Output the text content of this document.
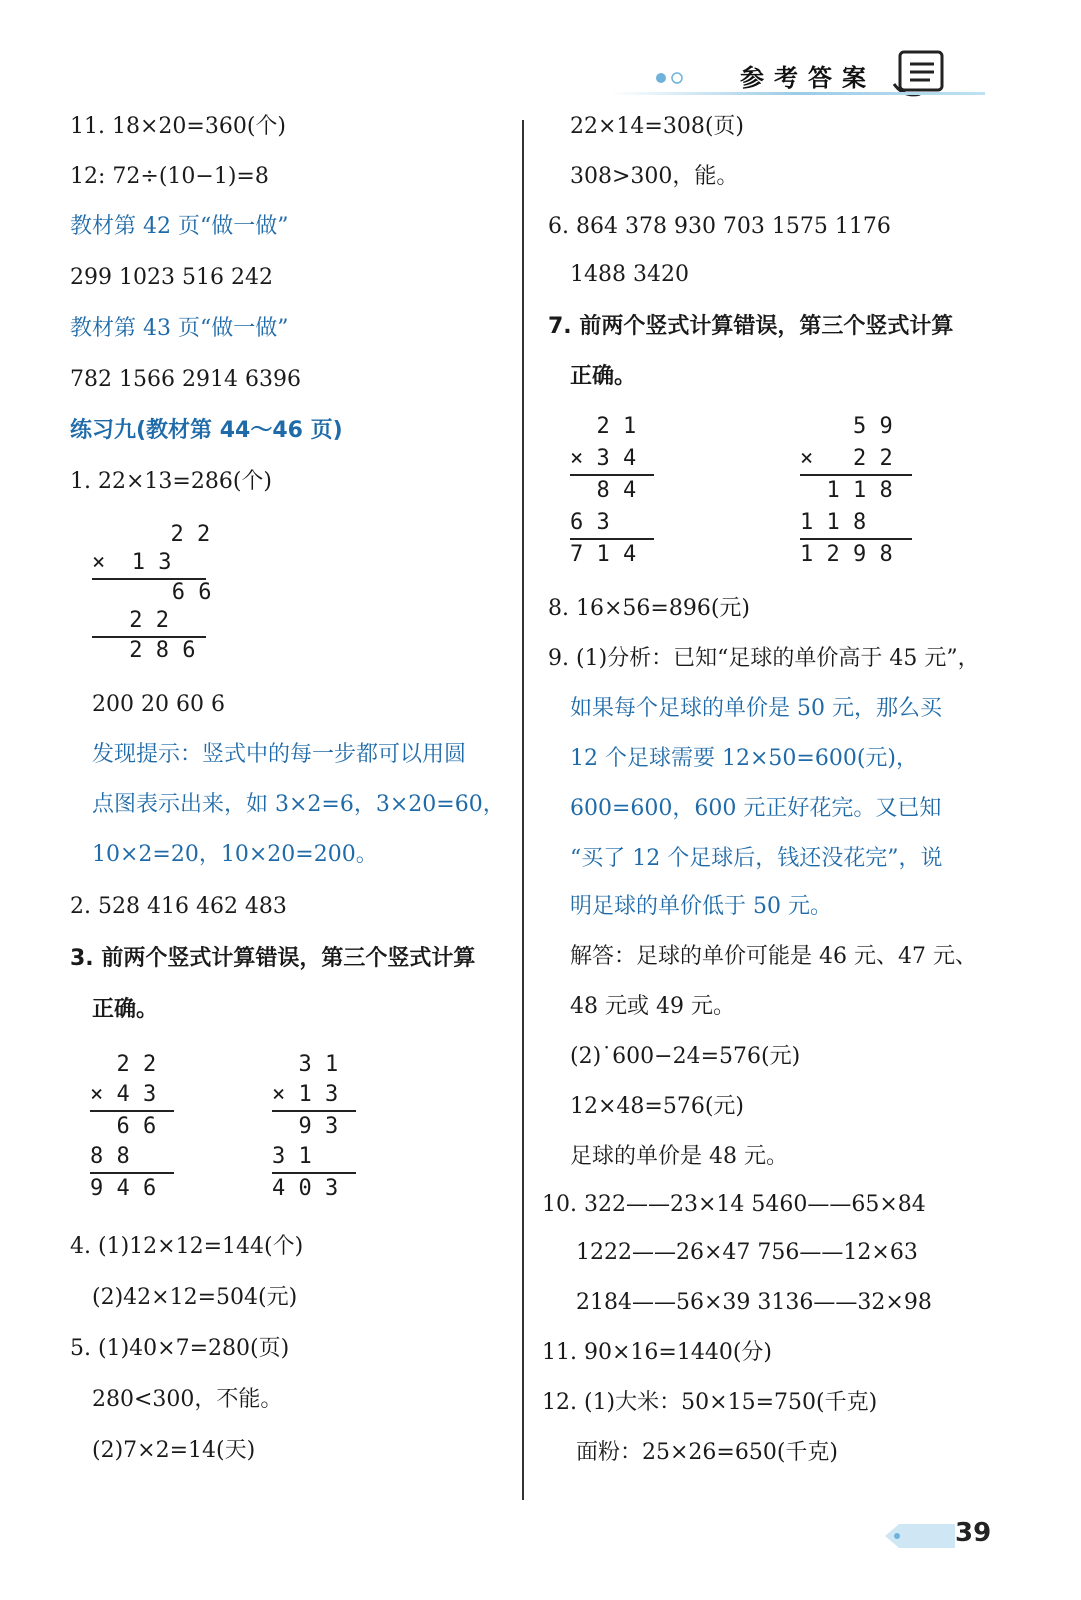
参考答案
11. 18×20=360(个)
12: 72÷(10−1)=8
教材第 42 页“做一做”
299 1023 516 242
教材第 43 页“做一做”
782 1566 2914 6396
练习九(教材第 44～46 页)
1. 22×13=286(个)
2 2
×  1 3
6 6
2 2
2 8 6
200 20 60 6
发现提示：竖式中的每一步都可以用圆
点图表示出来，如 3×2=6，3×20=60，
10×2=20，10×20=200。
2. 528 416 462 483
3. 前两个竖式计算错误，第三个竖式计算
正确。
2 2
× 4 3
6 6
8 8
9 4 6
3 1
× 1 3
9 3
3 1
4 0 3
4. (1)12×12=144(个)
(2)42×12=504(元)
5. (1)40×7=280(页)
280<300，不能。
(2)7×2=14(天)
22×14=308(页)
308>300，能。
6. 864 378 930 703 1575 1176
1488 3420
7. 前两个竖式计算错误，第三个竖式计算
正确。
2 1
× 3 4
8 4
6 3
7 1 4
5 9
×   2 2
1 1 8
1 1 8
1 2 9 8
8. 16×56=896(元)
9. (1)分析：已知“足球的单价高于 45 元”，
如果每个足球的单价是 50 元，那么买
12 个足球需要 12×50=600(元)，
600=600，600 元正好花完。又已知
“买了 12 个足球后，钱还没花完”，说
明足球的单价低于 50 元。
解答：足球的单价可能是 46 元、47 元、
48 元或 49 元。
(2)˙600−24=576(元)
12×48=576(元)
足球的单价是 48 元。
10. 322——23×14 5460——65×84
1222——26×47 756——12×63
2184——56×39 3136——32×98
11. 90×16=1440(分)
12. (1)大米：50×15=750(千克)
面粉：25×26=650(千克)
39
